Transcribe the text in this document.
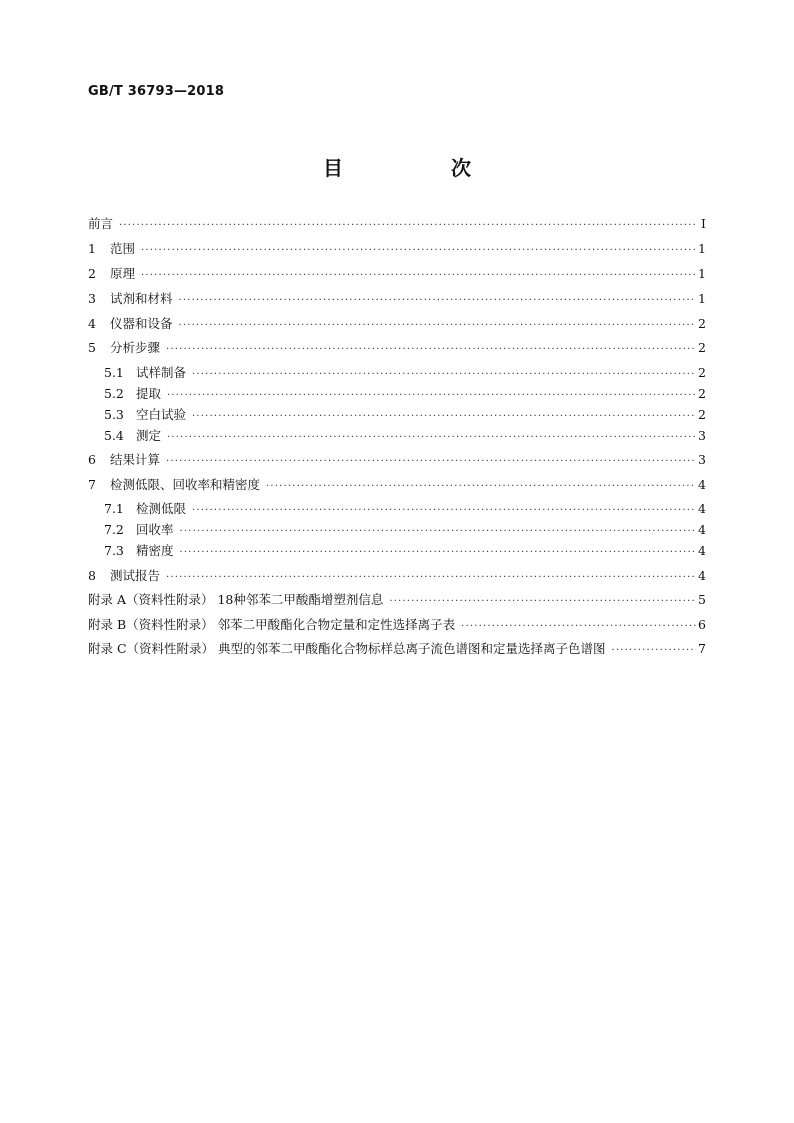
GB/T 36793—2018
目　次
前言 ·····	Ⅰ
1	范围 ·····	1
2	原理 ·····	1
3	试剂和材料 ·····	1
4	仪器和设备 ·····	2
5	分析步骤 ·····	2
5.1 试样制备 ·····	2
5.2 提取 ·····	2
5.3 空白试验 ·····	2
5.4 测定 ·····	3
6	结果计算 ·····	3
7	检测低限、回收率和精密度 ·····	4
7.1 检测低限 ·····	4
7.2 回收率 ·····	4
7.3 精密度 ·····	4
8	测试报告 ·····	4
附录 A（资料性附录） 18种邻苯二甲酸酯增塑剂信息 ·····	5
附录 B（资料性附录） 邻苯二甲酸酯化合物定量和定性选择离子表 ·····	6
附录 C（资料性附录） 典型的邻苯二甲酸酯化合物标样总离子流色谱图和定量选择离子色谱图 ·····	7
